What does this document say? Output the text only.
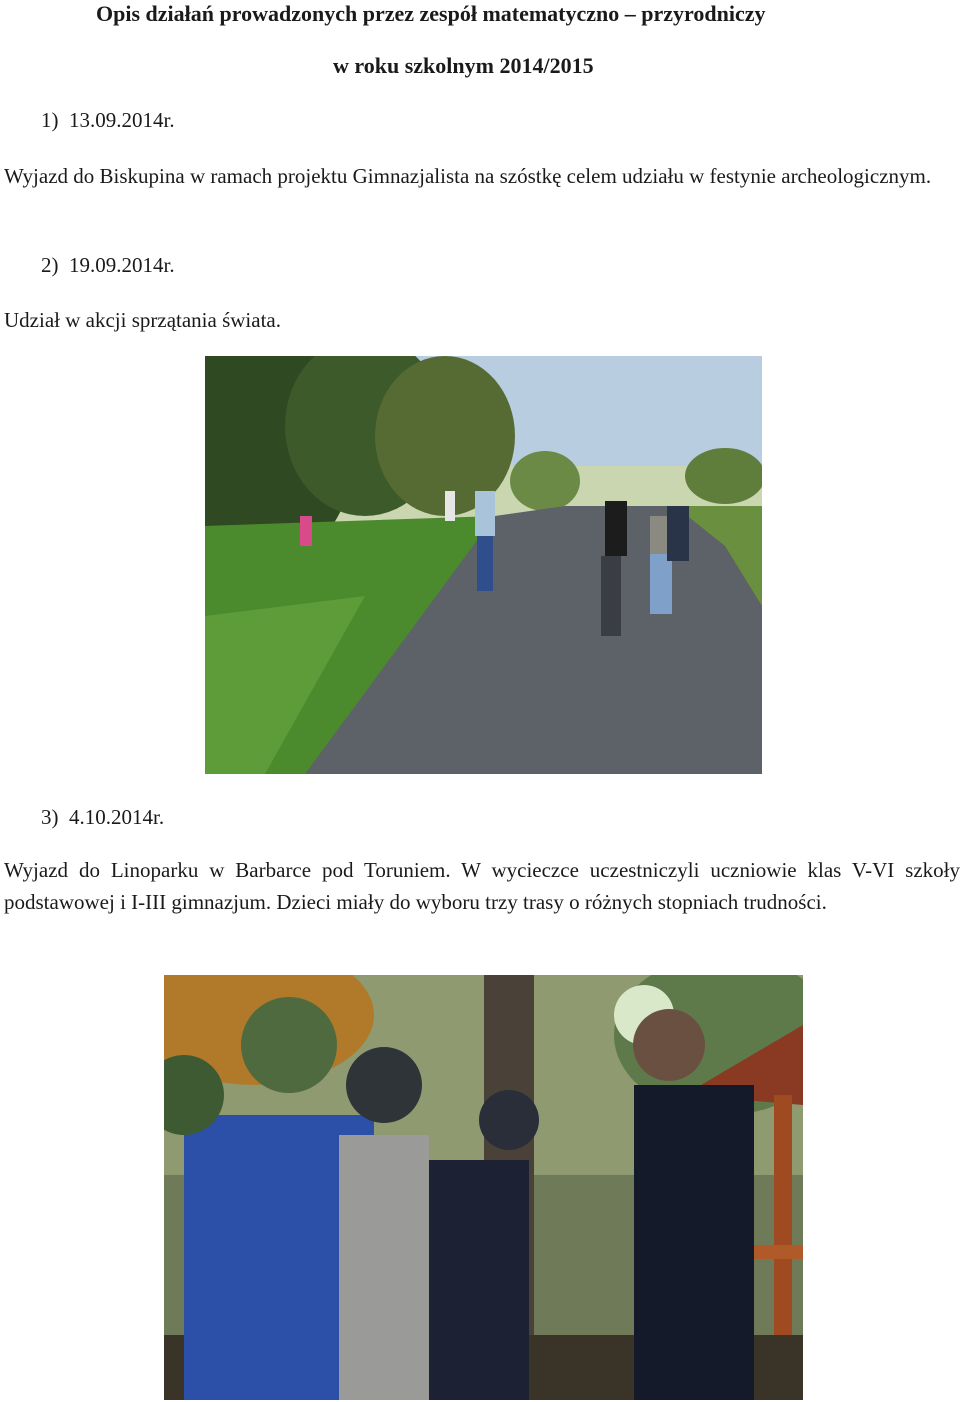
Opis działań prowadzonych przez zespół matematyczno – przyrodniczy
w roku szkolnym 2014/2015
1) 13.09.2014r.
Wyjazd do Biskupina w ramach projektu Gimnazjalista na szóstkę celem udziału w festynie archeologicznym.
2) 19.09.2014r.
Udział w akcji sprzątania świata.
3) 4.10.2014r.
Wyjazd do Linoparku w Barbarce pod Toruniem. W wycieczce uczestniczyli uczniowie klas V-VI szkoły podstawowej i I-III gimnazjum. Dzieci miały do wyboru trzy trasy o różnych stopniach trudności.
